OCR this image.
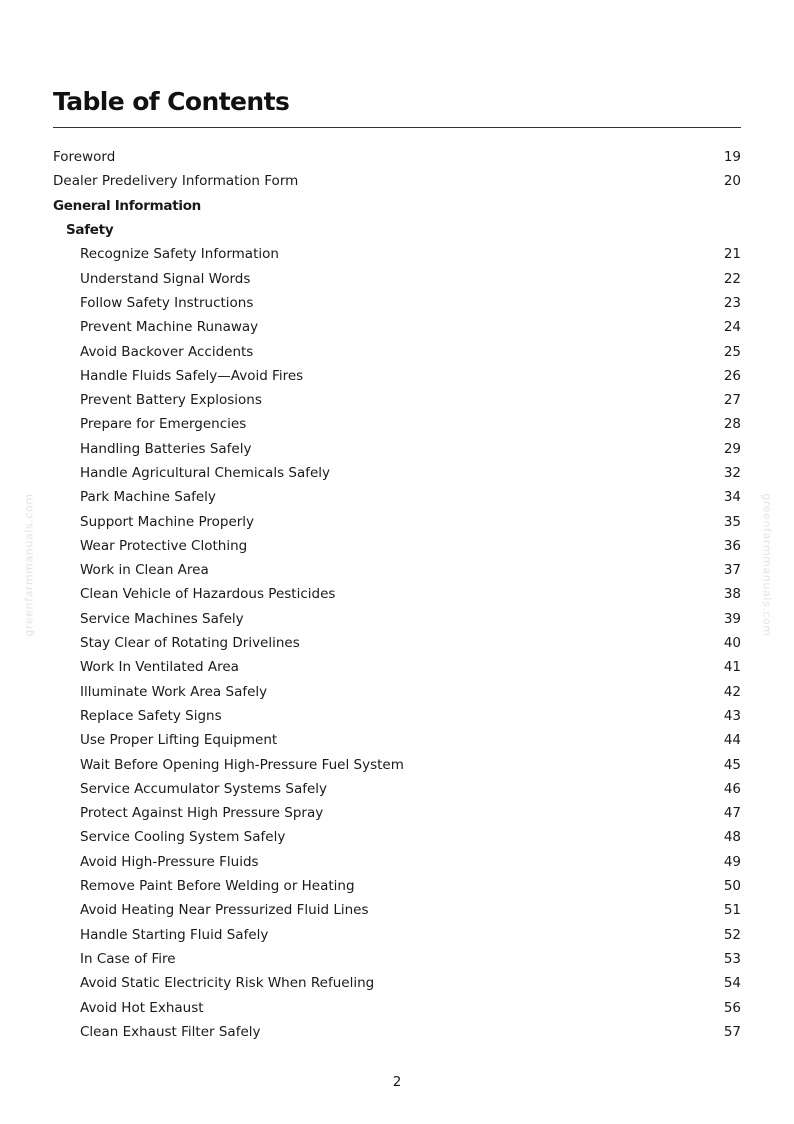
Table of Contents
Foreword	19
Dealer Predelivery Information Form	20
General Information
Safety
Recognize Safety Information	21
Understand Signal Words	22
Follow Safety Instructions	23
Prevent Machine Runaway	24
Avoid Backover Accidents	25
Handle Fluids Safely—Avoid Fires	26
Prevent Battery Explosions	27
Prepare for Emergencies	28
Handling Batteries Safely	29
Handle Agricultural Chemicals Safely	32
Park Machine Safely	34
Support Machine Properly	35
Wear Protective Clothing	36
Work in Clean Area	37
Clean Vehicle of Hazardous Pesticides	38
Service Machines Safely	39
Stay Clear of Rotating Drivelines	40
Work In Ventilated Area	41
Illuminate Work Area Safely	42
Replace Safety Signs	43
Use Proper Lifting Equipment	44
Wait Before Opening High-Pressure Fuel System	45
Service Accumulator Systems Safely	46
Protect Against High Pressure Spray	47
Service Cooling System Safely	48
Avoid High-Pressure Fluids	49
Remove Paint Before Welding or Heating	50
Avoid Heating Near Pressurized Fluid Lines	51
Handle Starting Fluid Safely	52
In Case of Fire	53
Avoid Static Electricity Risk When Refueling	54
Avoid Hot Exhaust	56
Clean Exhaust Filter Safely	57
greenfarmmanuals.com	greenfarmmanuals.com
2
